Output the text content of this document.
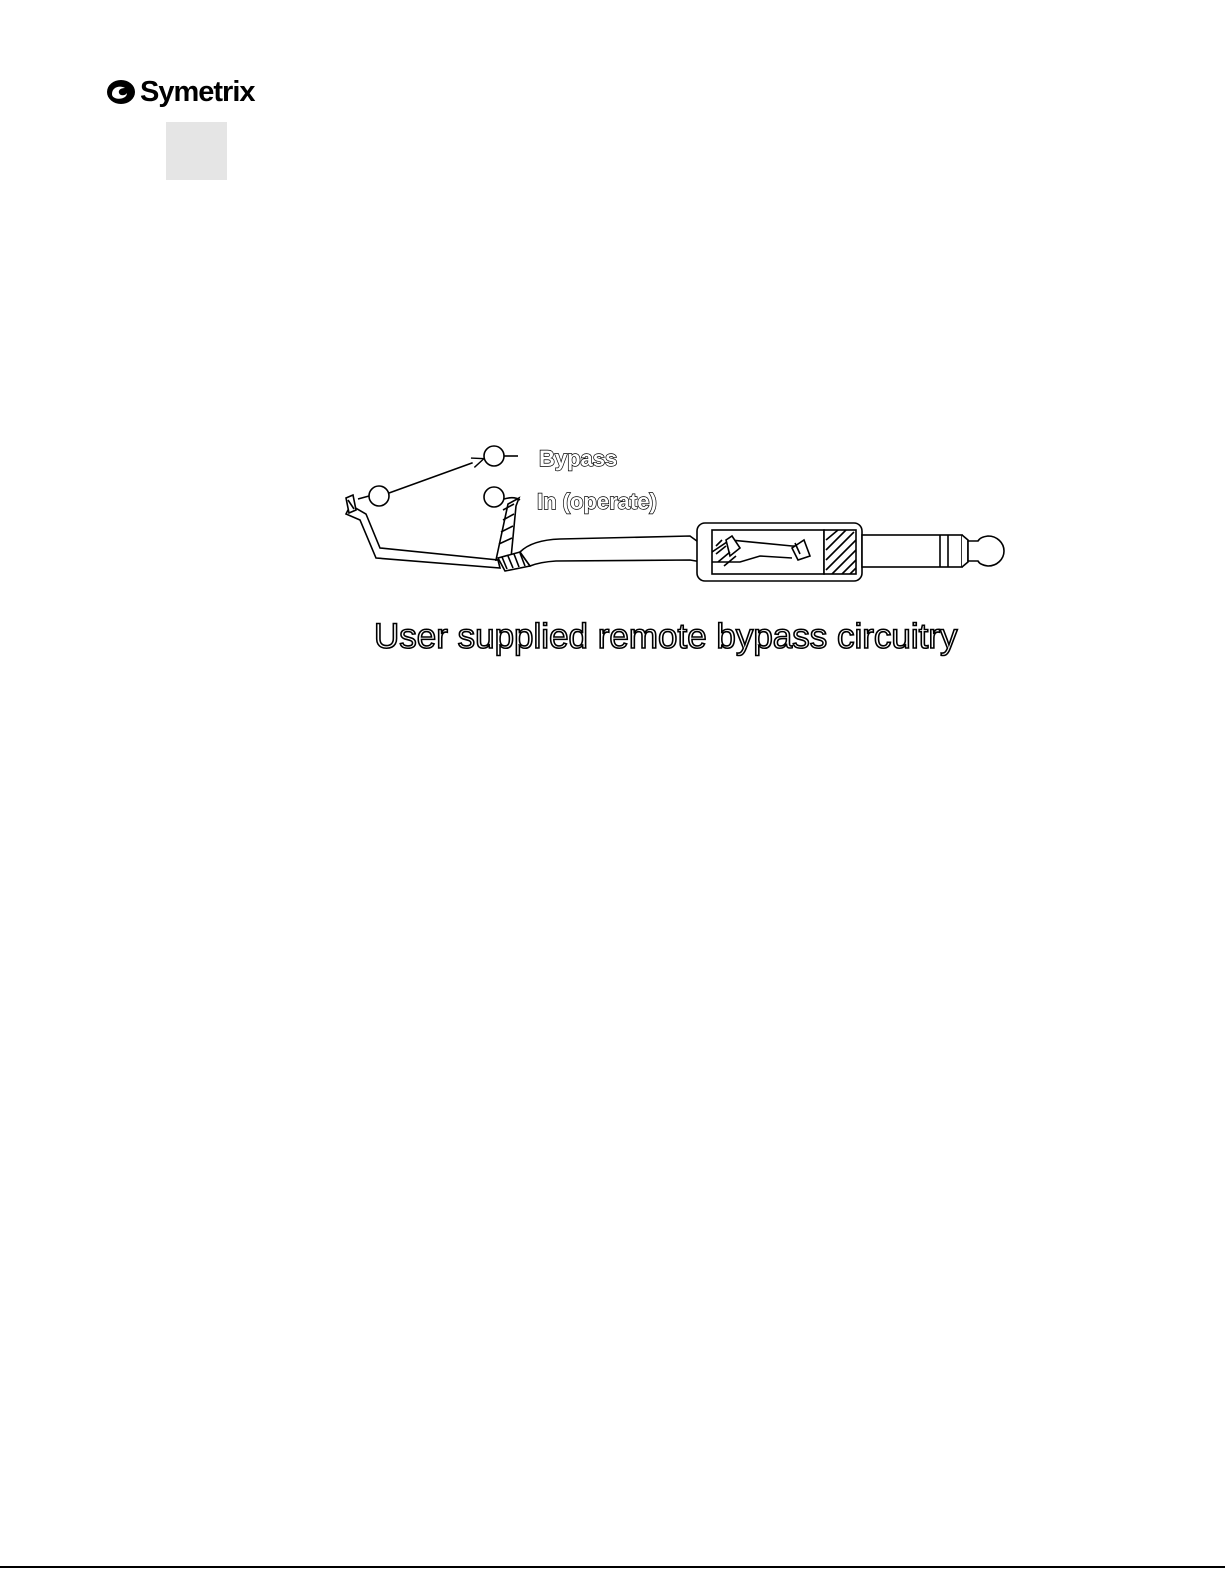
Symetrix
Bypass
In (operate)
User supplied remote bypass circuitry
